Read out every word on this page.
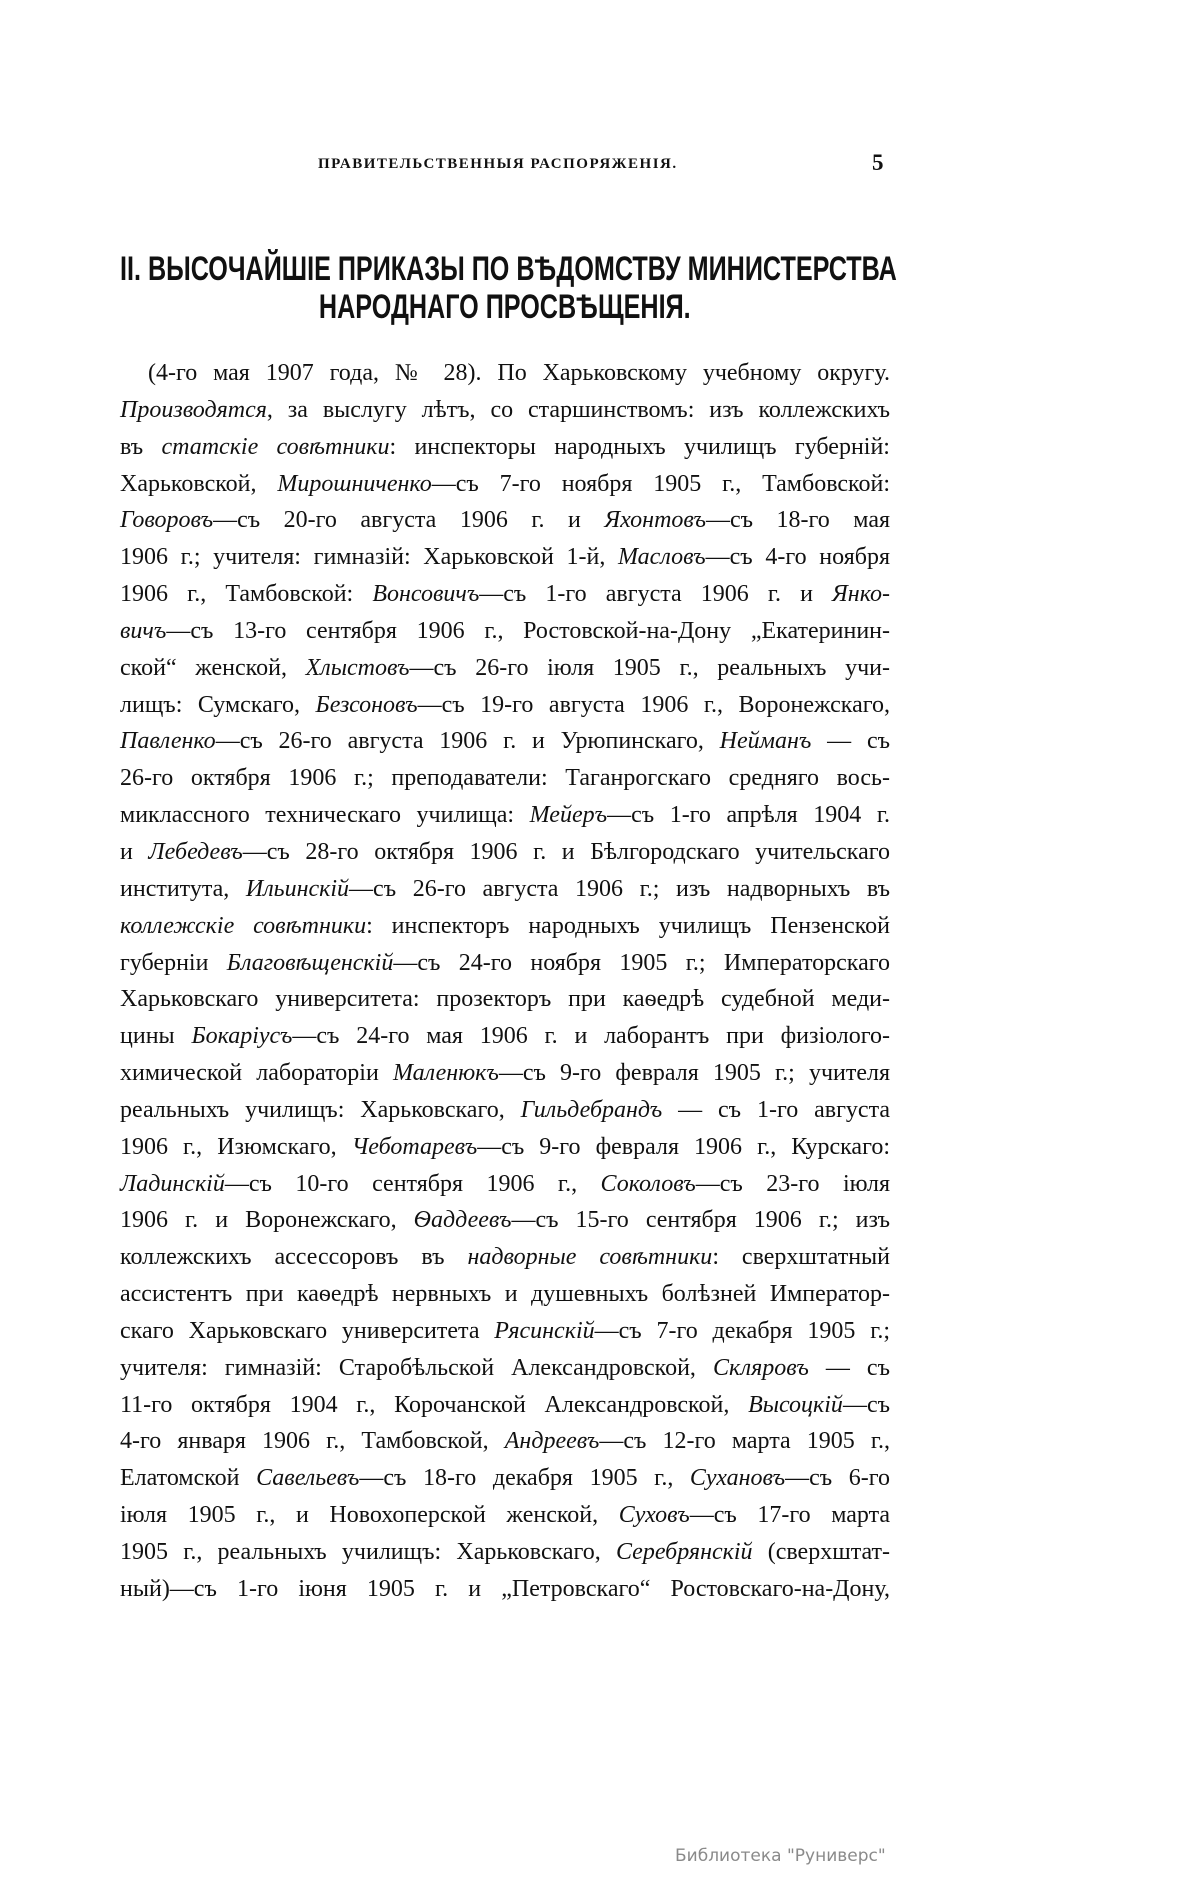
ПРАВИТЕЛЬСТВЕННЫЯ РАСПОРЯЖЕНІЯ.	5
II. ВЫСОЧАЙШІЕ ПРИКАЗЫ ПО ВѢДОМСТВУ МИНИСТЕРСТВА
НАРОДНАГО ПРОСВѢЩЕНІЯ.
(4-го мая 1907 года, № 28). По Харьковскому учебному округу.
Производятся, за выслугу лѣтъ, со старшинствомъ: изъ коллежскихъ
въ статскіе совѣтники: инспекторы народныхъ училищъ губерній:
Харьковской, Мирошниченко—съ 7-го ноября 1905 г., Тамбовской:
Говоровъ—съ 20-го августа 1906 г. и Яхонтовъ—съ 18-го мая
1906 г.; учителя: гимназій: Харьковской 1-й, Масловъ—съ 4-го ноября
1906 г., Тамбовской: Вонсовичъ—съ 1-го августа 1906 г. и Янко-
вичъ—съ 13-го сентября 1906 г., Ростовской-на-Дону „Екатеринин-
ской“ женской, Хлыстовъ—съ 26-го іюля 1905 г., реальныхъ учи-
лищъ: Сумскаго, Безсоновъ—съ 19-го августа 1906 г., Воронежскаго,
Павленко—съ 26-го августа 1906 г. и Урюпинскаго, Нейманъ — съ
26-го октября 1906 г.; преподаватели: Таганрогскаго средняго вось-
миклассного техническаго училища: Мейеръ—съ 1-го апрѣля 1904 г.
и Лебедевъ—съ 28-го октября 1906 г. и Бѣлгородскаго учительскаго
института, Ильинскій—съ 26-го августа 1906 г.; изъ надворныхъ въ
коллежскіе совѣтники: инспекторъ народныхъ училищъ Пензенской
губерніи Благовѣщенскій—съ 24-го ноября 1905 г.; Императорскаго
Харьковскаго университета: прозекторъ при каѳедрѣ судебной меди-
цины Бокаріусъ—съ 24-го мая 1906 г. и лаборантъ при физіолого-
химической лабораторіи Маленюкъ—съ 9-го февраля 1905 г.; учителя
реальныхъ училищъ: Харьковскаго, Гильдебрандъ — съ 1-го августа
1906 г., Изюмскаго, Чеботаревъ—съ 9-го февраля 1906 г., Курскаго:
Ладинскій—съ 10-го сентября 1906 г., Соколовъ—съ 23-го іюля
1906 г. и Воронежскаго, Ѳаддеевъ—съ 15-го сентября 1906 г.; изъ
коллежскихъ ассессоровъ въ надворные совѣтники: сверхштатный
ассистентъ при каѳедрѣ нервныхъ и душевныхъ болѣзней Император-
скаго Харьковскаго университета Рясинскій—съ 7-го декабря 1905 г.;
учителя: гимназій: Старобѣльской Александровской, Скляровъ — съ
11-го октября 1904 г., Корочанской Александровской, Высоцкій—съ
4-го января 1906 г., Тамбовской, Андреевъ—съ 12-го марта 1905 г.,
Елатомской Савельевъ—съ 18-го декабря 1905 г., Сухановъ—съ 6-го
іюля 1905 г., и Новохоперской женской, Суховъ—съ 17-го марта
1905 г., реальныхъ училищъ: Харьковскаго, Серебрянскій (сверхштат-
ный)—съ 1-го іюня 1905 г. и „Петровскаго“ Ростовскаго-на-Дону,
Библиотека "Руниверс"
